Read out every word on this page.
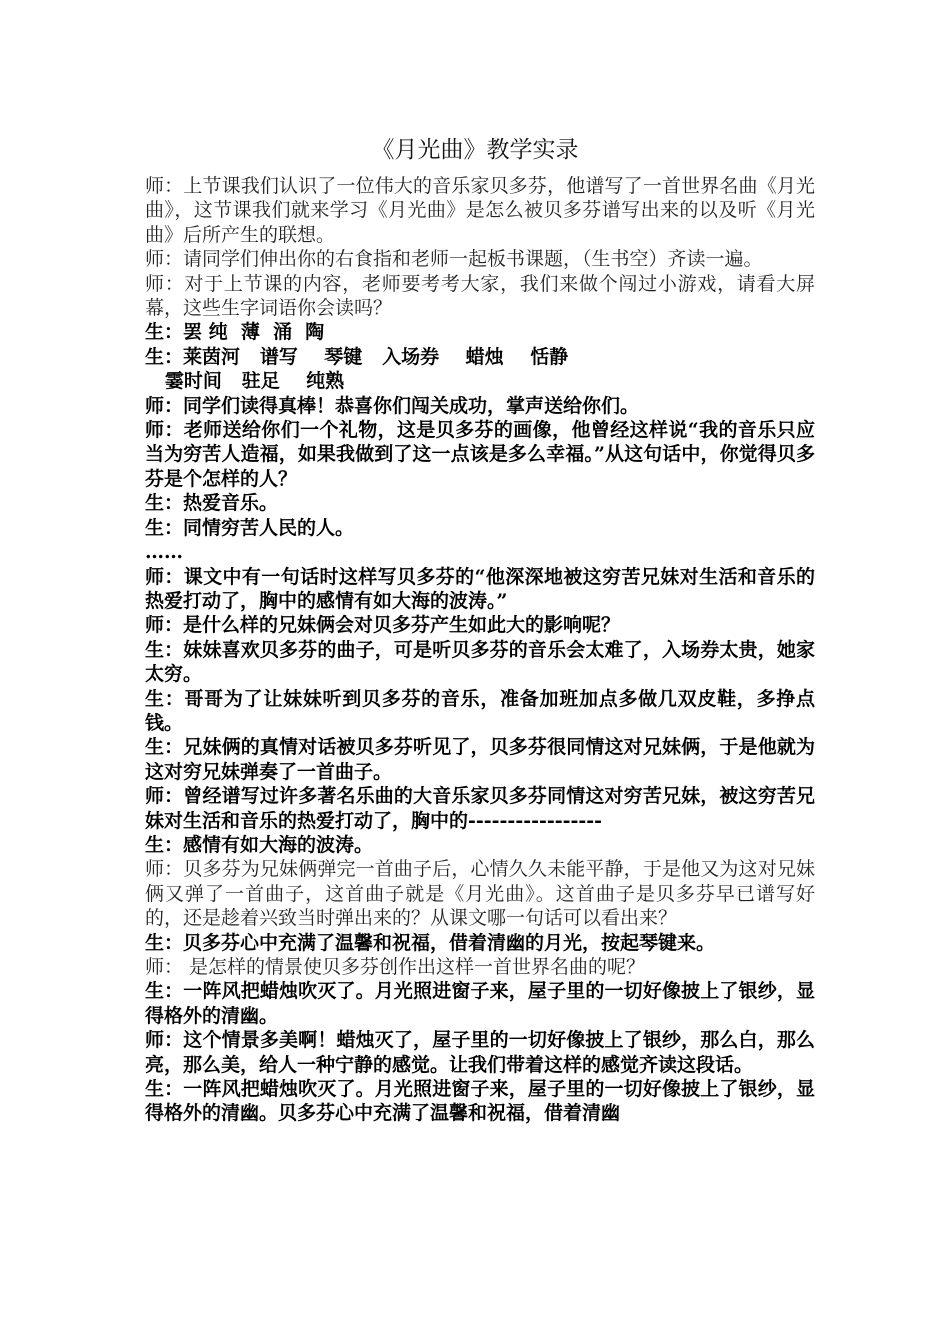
《月光曲》教学实录

师：上节课我们认识了一位伟大的音乐家贝多芬，他谱写了一首世界名曲《月光曲》，这节课我们就来学习《月光曲》是怎么被贝多芬谱写出来的以及听《月光曲》后所产生的联想。

师：请同学们伸出你的右食指和老师一起板书课题，（生书空）齐读一遍。

师：对于上节课的内容，老师要考考大家，我们来做个闯过小游戏，请看大屏幕，这些生字词语你会读吗？

生：罢 纯  薄  涌  陶

生：莱茵河   谱写    琴键   入场券    蜡烛    恬静

霎时间   驻足    纯熟

师：同学们读得真棒！恭喜你们闯关成功，掌声送给你们。

师：老师送给你们一个礼物，这是贝多芬的画像，他曾经这样说“我的音乐只应当为穷苦人造福，如果我做到了这一点该是多么幸福。”从这句话中，你觉得贝多芬是个怎样的人？

生：热爱音乐。

生：同情穷苦人民的人。

……

师：课文中有一句话时这样写贝多芬的“他深深地被这穷苦兄妹对生活和音乐的热爱打动了，胸中的感情有如大海的波涛。”

师：是什么样的兄妹俩会对贝多芬产生如此大的影响呢？

生：妹妹喜欢贝多芬的曲子，可是听贝多芬的音乐会太难了，入场券太贵，她家太穷。

生：哥哥为了让妹妹听到贝多芬的音乐，准备加班加点多做几双皮鞋，多挣点钱。

生：兄妹俩的真情对话被贝多芬听见了，贝多芬很同情这对兄妹俩，于是他就为这对穷兄妹弹奏了一首曲子。

师：曾经谱写过许多著名乐曲的大音乐家贝多芬同情这对穷苦兄妹，被这穷苦兄妹对生活和音乐的热爱打动了，胸中的-----------------

生：感情有如大海的波涛。

师：贝多芬为兄妹俩弹完一首曲子后，心情久久未能平静，于是他又为这对兄妹俩又弹了一首曲子，这首曲子就是《月光曲》。这首曲子是贝多芬早已谱写好的，还是趁着兴致当时弹出来的？从课文哪一句话可以看出来？

生：贝多芬心中充满了温馨和祝福，借着清幽的月光，按起琴键来。

师： 是怎样的情景使贝多芬创作出这样一首世界名曲的呢？

生：一阵风把蜡烛吹灭了。月光照进窗子来，屋子里的一切好像披上了银纱，显得格外的清幽。

师：这个情景多美啊！蜡烛灭了，屋子里的一切好像披上了银纱，那么白，那么亮，那么美，给人一种宁静的感觉。让我们带着这样的感觉齐读这段话。

生：一阵风把蜡烛吹灭了。月光照进窗子来，屋子里的一切好像披上了银纱，显得格外的清幽。贝多芬心中充满了温馨和祝福，借着清幽
